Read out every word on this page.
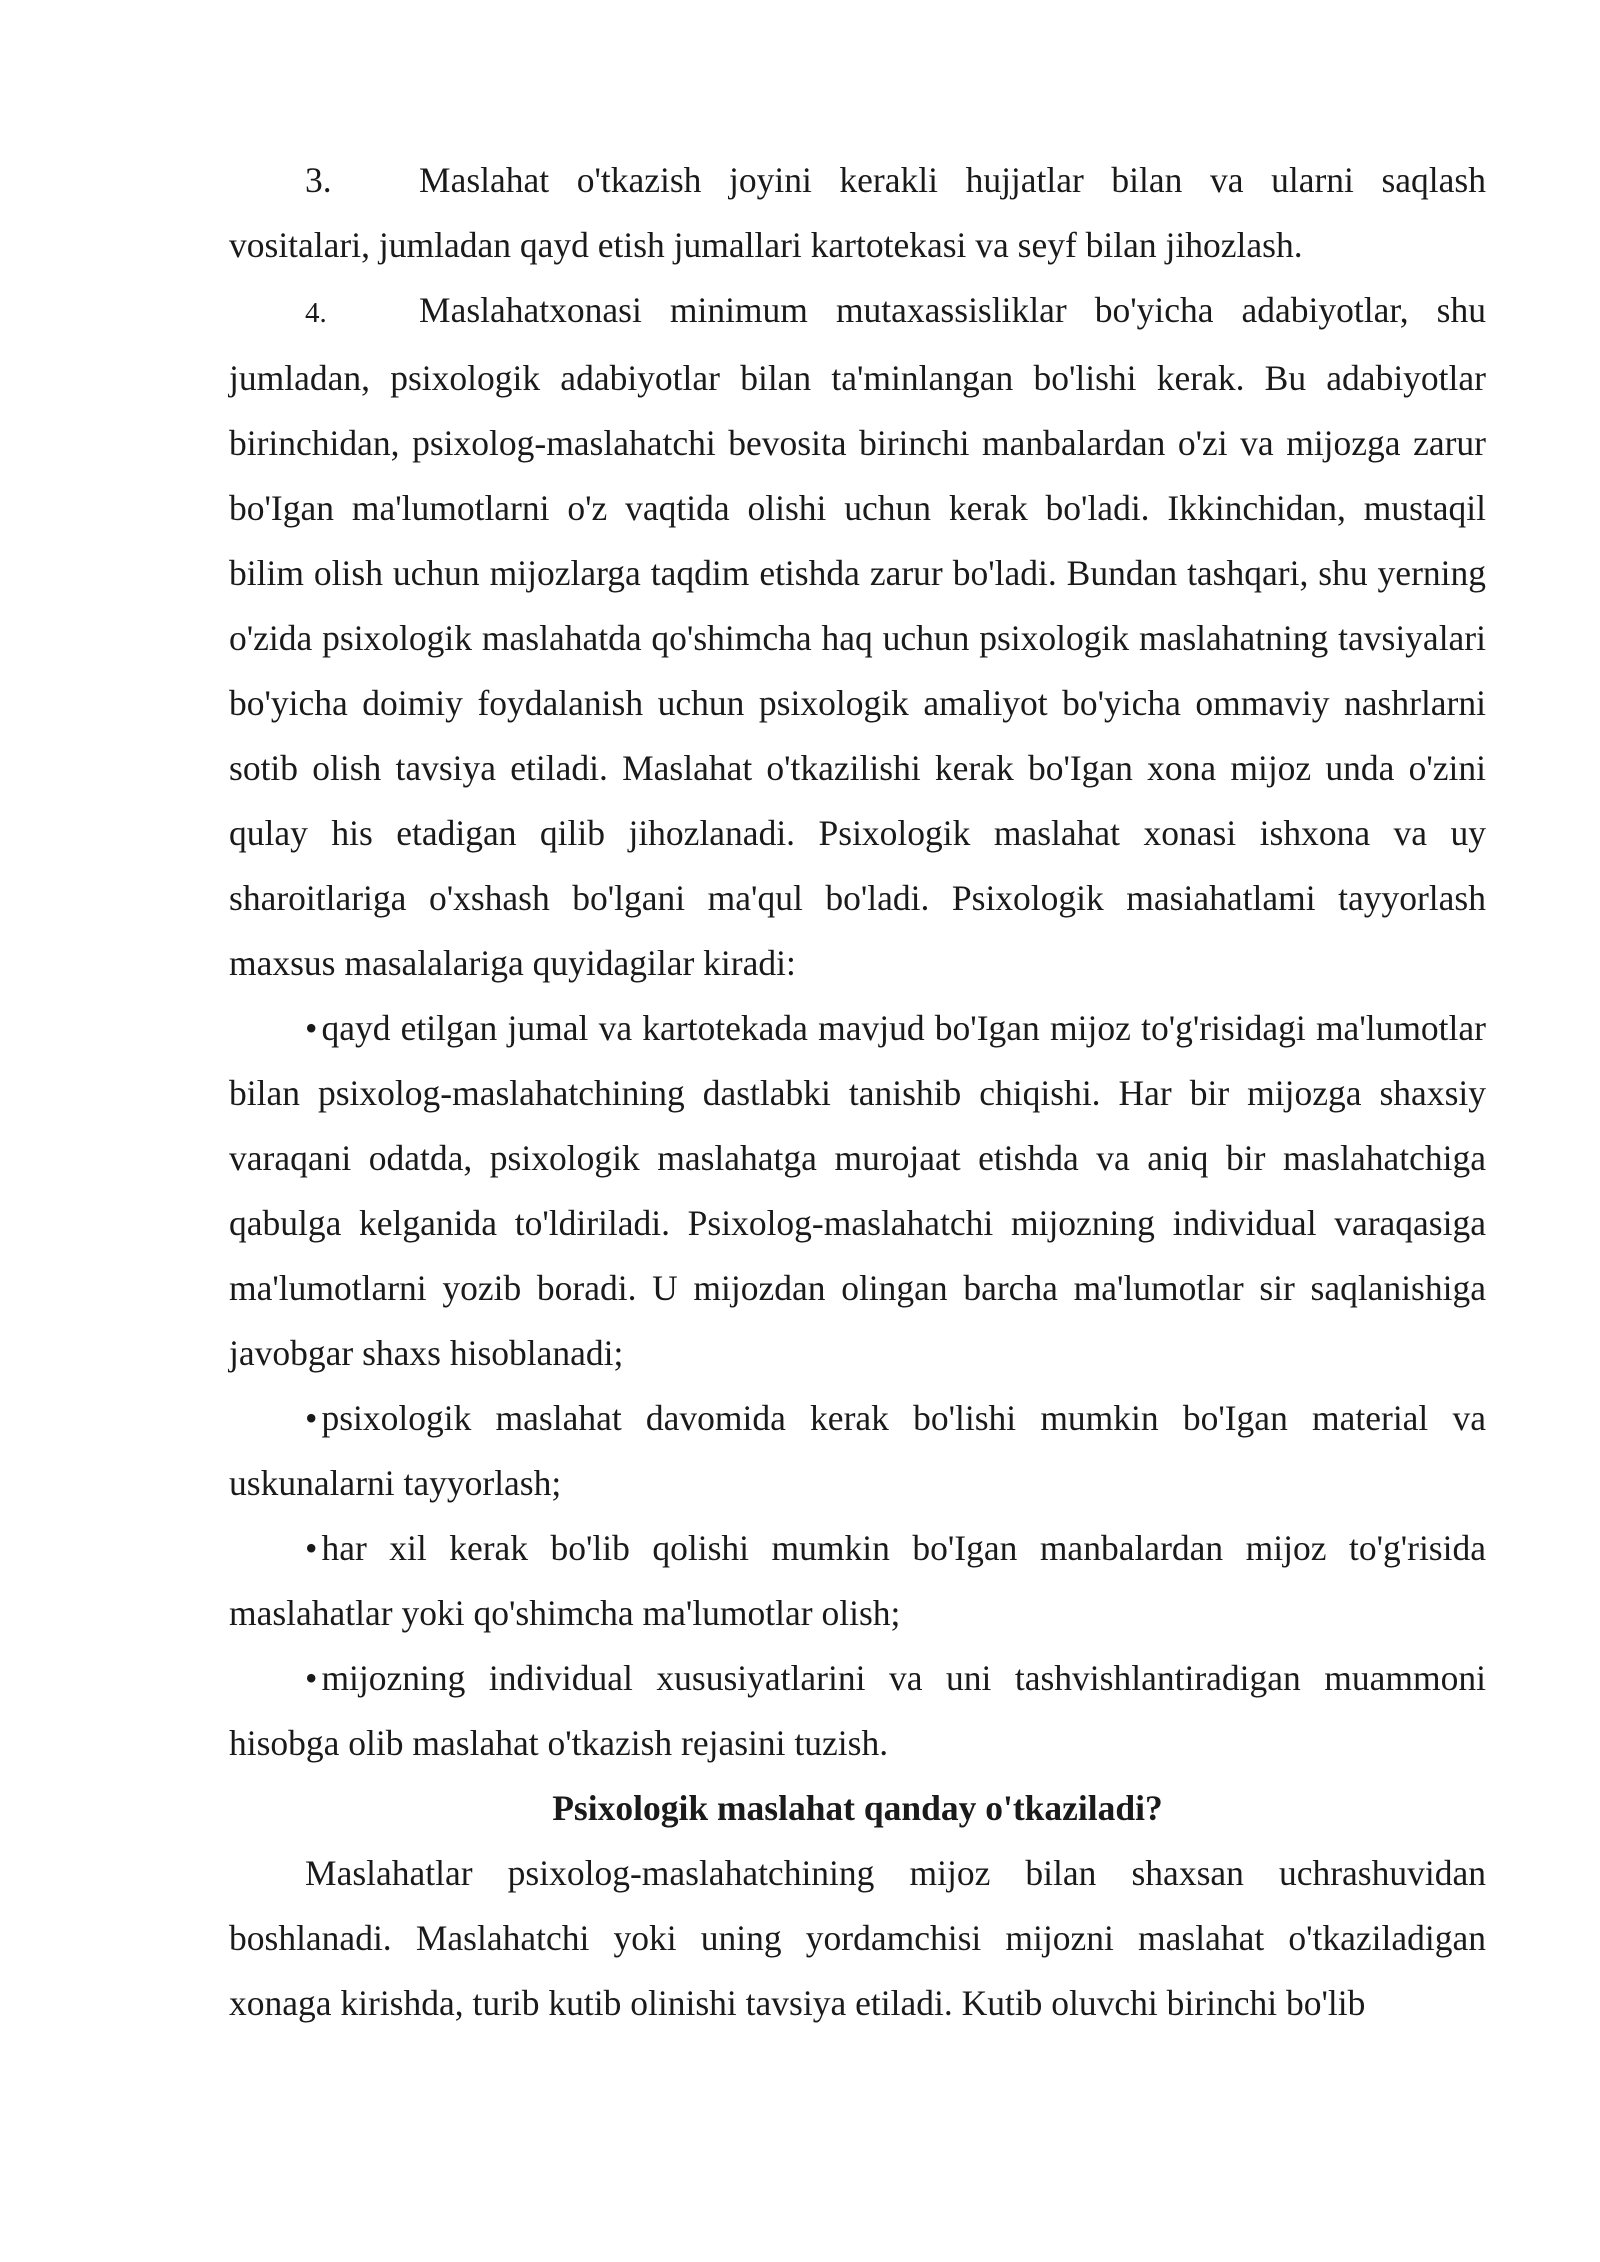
3. Maslahat o'tkazish joyini kerakli hujjatlar bilan va ularni saqlash vositalari, jumladan qayd etish jumallari kartotekasi va seyf bilan jihozlash.

4.	Maslahatxonasi minimum mutaxassisliklar bo'yicha adabiyotlar, shu jumladan, psixologik adabiyotlar bilan ta'minlangan bo'lishi kerak. Bu adabiyotlar birinchidan, psixolog-maslahatchi bevosita birinchi manbalardan o'zi va mijozga zarur bo'Igan ma'lumotlarni o'z vaqtida olishi uchun kerak bo'ladi. Ikkinchidan, mustaqil bilim olish uchun mijozlarga taqdim etishda zarur bo'ladi. Bundan tashqari, shu yerning o'zida psixologik maslahatda qo'shimcha haq uchun psixologik maslahatning tavsiyalari bo'yicha doimiy foydalanish uchun psixologik amaliyot bo'yicha ommaviy nashrlarni sotib olish tavsiya etiladi. Maslahat o'tkazilishi kerak bo'Igan xona mijoz unda o'zini qulay his etadigan qilib jihozlanadi. Psixologik maslahat xonasi ishxona va uy sharoitlariga o'xshash bo'lgani ma'qul bo'ladi. Psixologik masiahatlami tayyorlash maxsus masalalariga quyidagilar kiradi:

• qayd etilgan jumal va kartotekada mavjud bo'Igan mijoz to'g'risidagi ma'lumotlar bilan psixolog-maslahatchining dastlabki tanishib chiqishi. Har bir mijozga shaxsiy varaqani odatda, psixologik maslahatga murojaat etishda va aniq bir maslahatchiga qabulga kelganida to'ldiriladi. Psixolog-maslahatchi mijozning individual varaqasiga ma'lumotlarni yozib boradi. U mijozdan olingan barcha ma'lumotlar sir saqlanishiga javobgar shaxs hisoblanadi;

• psixologik maslahat davomida kerak bo'lishi mumkin bo'Igan material va uskunalarni tayyorlash;

• har xil kerak bo'lib qolishi mumkin bo'Igan manbalardan mijoz to'g'risida maslahatlar yoki qo'shimcha ma'lumotlar olish;

• mijozning individual xususiyatlarini va uni tashvishlantiradigan muammoni hisobga olib maslahat o'tkazish rejasini tuzish.

Psixologik maslahat qanday o'tkaziladi?

Maslahatlar psixolog-maslahatchining mijoz bilan shaxsan uchrashuvidan boshlanadi. Maslahatchi yoki uning yordamchisi mijozni maslahat o'tkaziladigan xonaga kirishda, turib kutib olinishi tavsiya etiladi. Kutib oluvchi birinchi bo'lib
